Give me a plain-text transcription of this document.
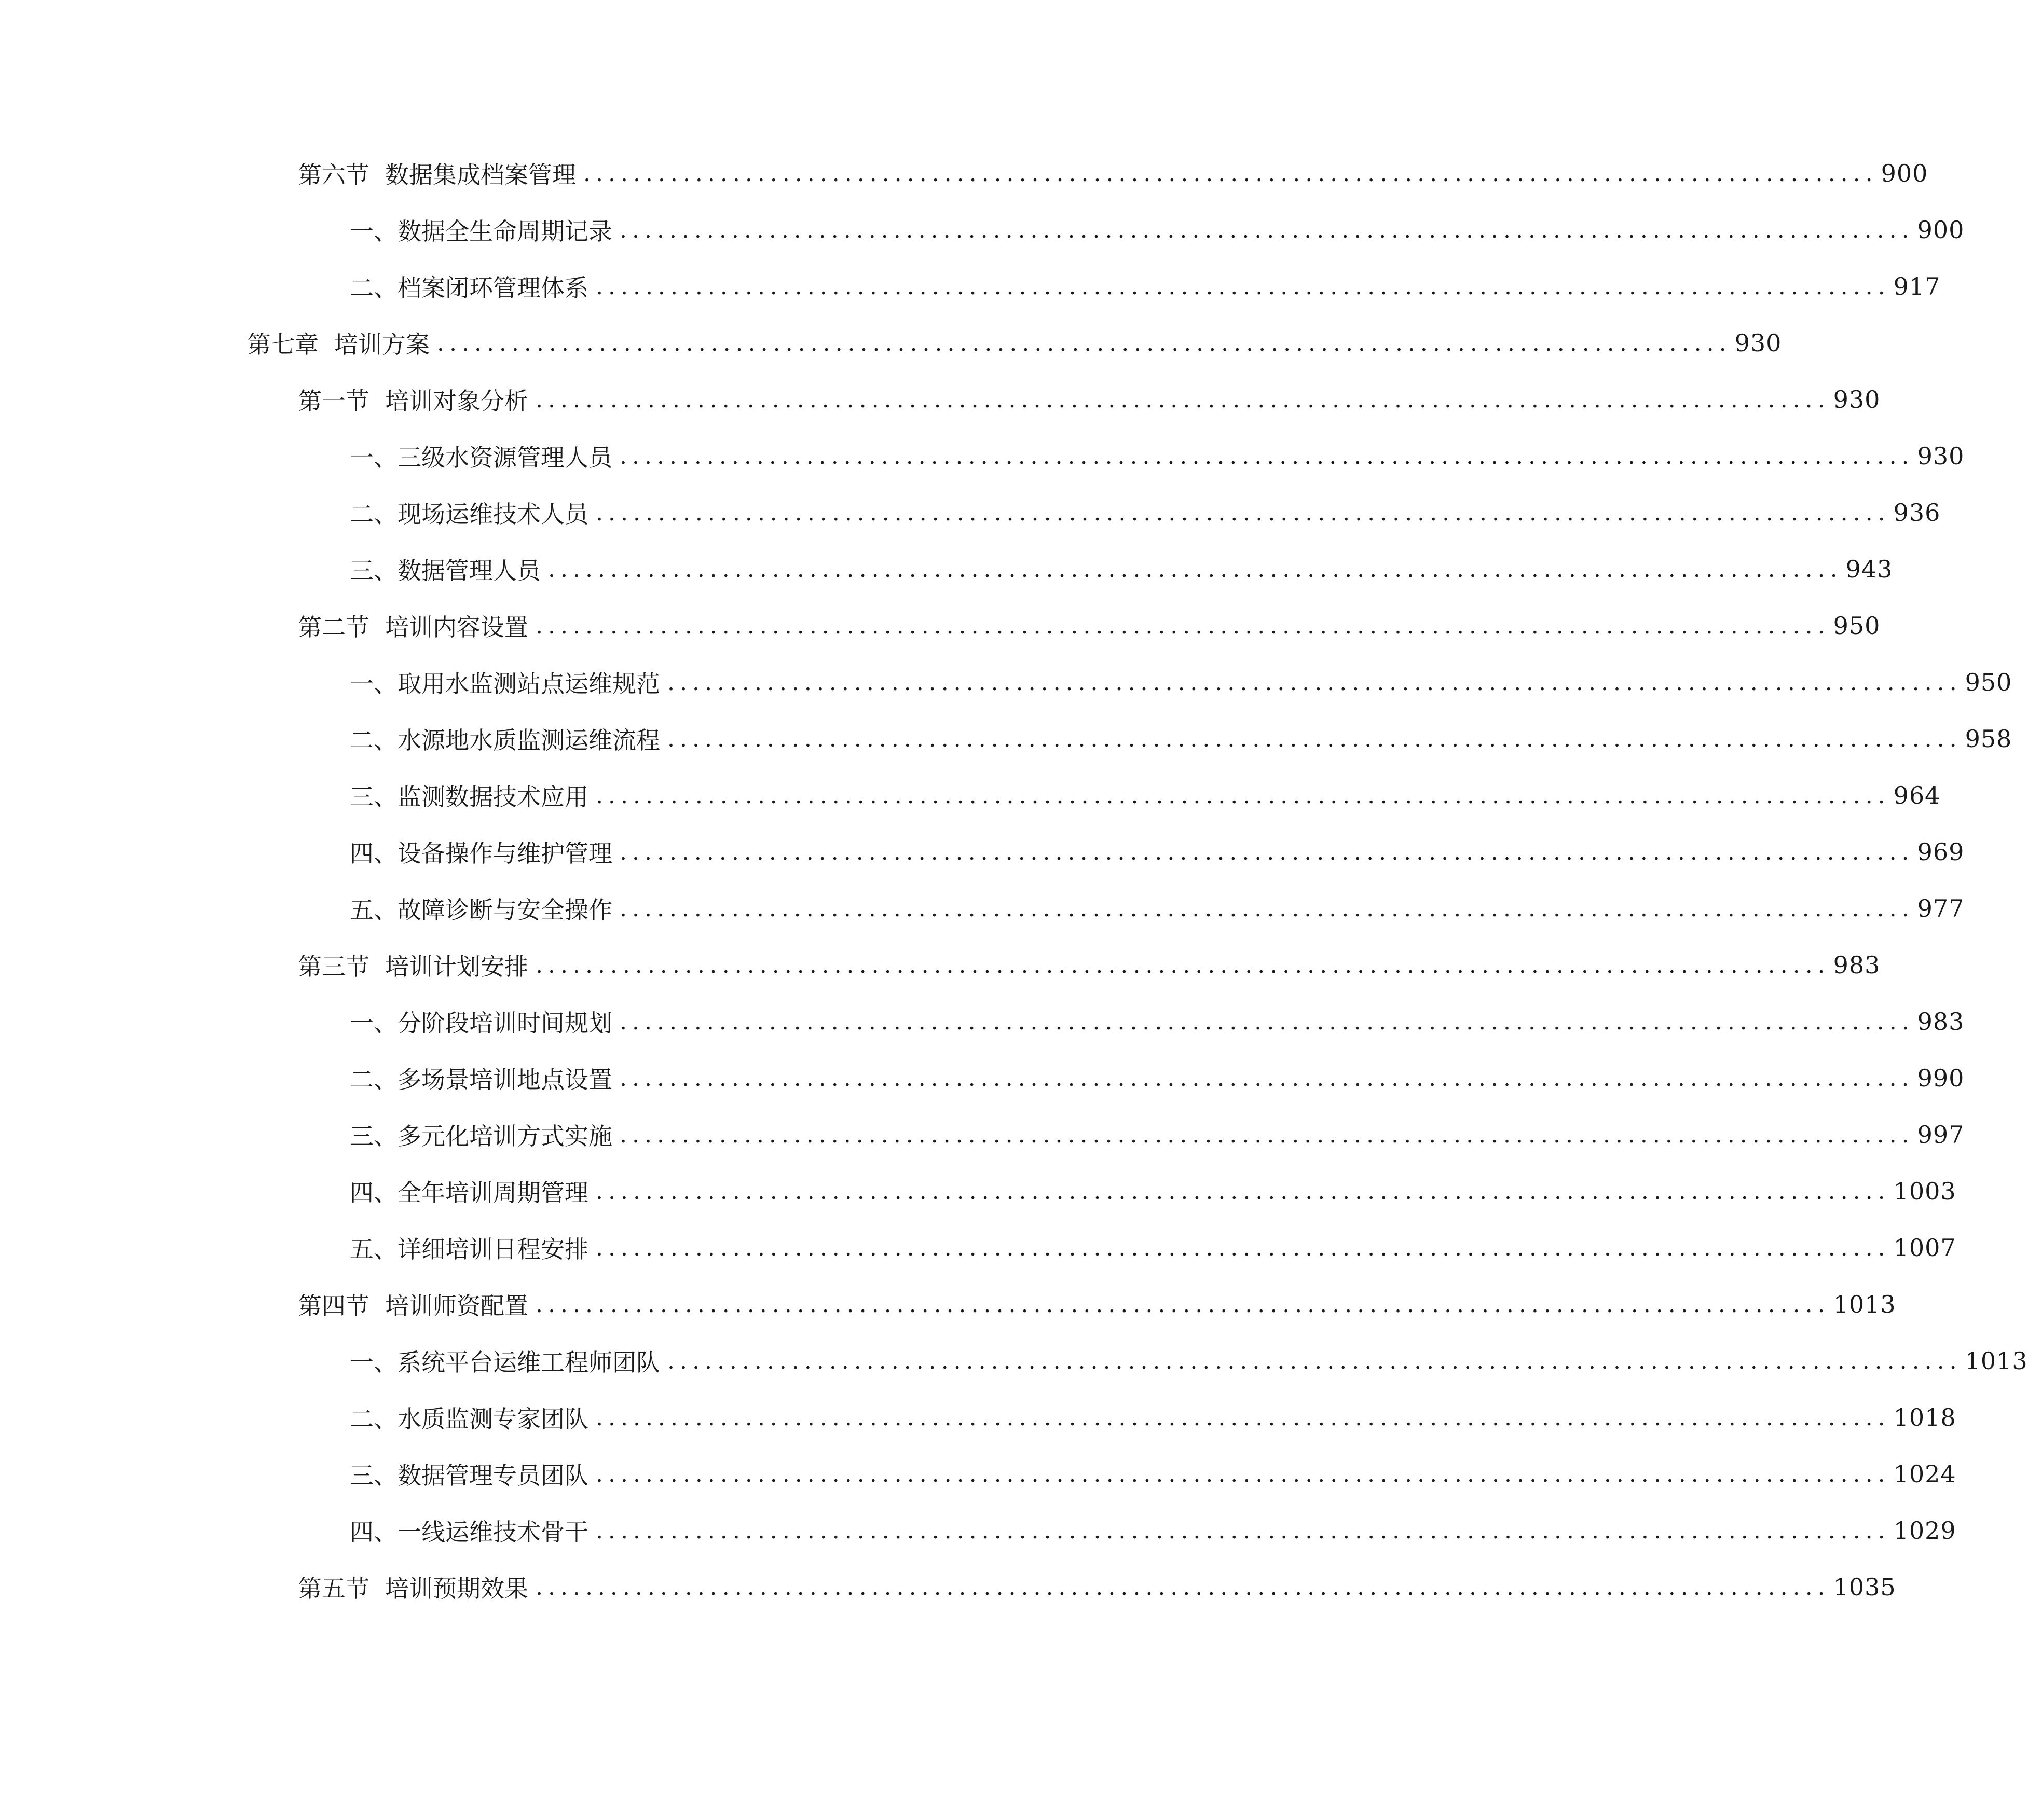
第六节 数据集成档案管理 ........................................................................................................ 900
一、 数据全生命周期记录 ........................................................................................................ 900
二、 档案闭环管理体系 ........................................................................................................ 917
第七章 培训方案 ........................................................................................................ 930
第一节 培训对象分析 ........................................................................................................ 930
一、 三级水资源管理人员 ........................................................................................................ 930
二、 现场运维技术人员 ........................................................................................................ 936
三、 数据管理人员 ........................................................................................................ 943
第二节 培训内容设置 ........................................................................................................ 950
一、 取用水监测站点运维规范 ........................................................................................................ 950
二、 水源地水质监测运维流程 ........................................................................................................ 958
三、 监测数据技术应用 ........................................................................................................ 964
四、 设备操作与维护管理 ........................................................................................................ 969
五、 故障诊断与安全操作 ........................................................................................................ 977
第三节 培训计划安排 ........................................................................................................ 983
一、 分阶段培训时间规划 ........................................................................................................ 983
二、 多场景培训地点设置 ........................................................................................................ 990
三、 多元化培训方式实施 ........................................................................................................ 997
四、 全年培训周期管理 ........................................................................................................ 1003
五、 详细培训日程安排 ........................................................................................................ 1007
第四节 培训师资配置 ........................................................................................................ 1013
一、 系统平台运维工程师团队 ........................................................................................................ 1013
二、 水质监测专家团队 ........................................................................................................ 1018
三、 数据管理专员团队 ........................................................................................................ 1024
四、 一线运维技术骨干 ........................................................................................................ 1029
第五节 培训预期效果 ........................................................................................................ 1035
